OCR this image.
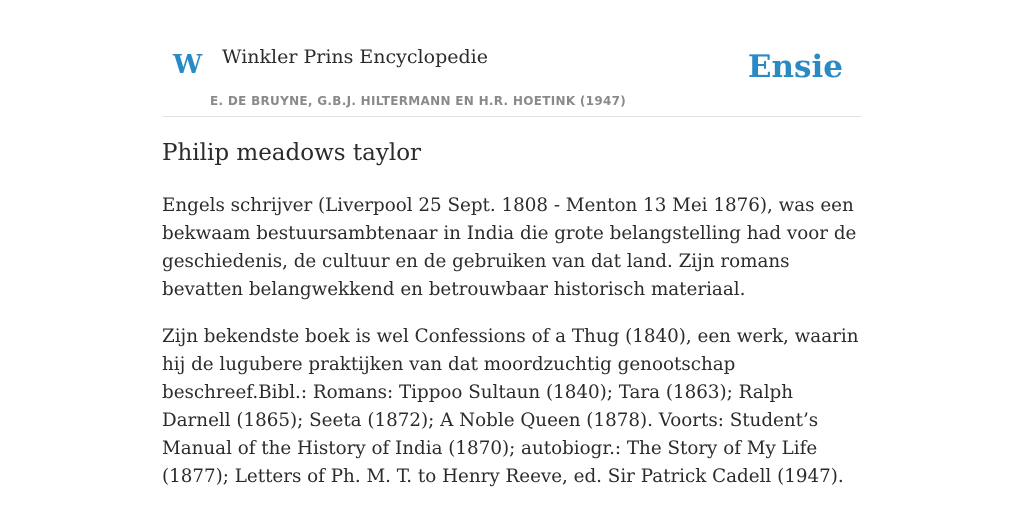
W Winkler Prins Encyclopedie
E. DE BRUYNE, G.B.J. HILTERMANN EN H.R. HOETINK (1947)
Ensie
Philip meadows taylor

Engels schrijver (Liverpool 25 Sept. 1808 - Menton 13 Mei 1876), was een bekwaam bestuursambtenaar in India die grote belangstelling had voor de geschiedenis, de cultuur en de gebruiken van dat land. Zijn romans bevatten belangwekkend en betrouwbaar historisch materiaal.

Zijn bekendste boek is wel Confessions of a Thug (1840), een werk, waarin hij de lugubere praktijken van dat moordzuchtig genootschap beschreef.Bibl.: Romans: Tippoo Sultaun (1840); Tara (1863); Ralph Darnell (1865); Seeta (1872); A Noble Queen (1878). Voorts: Student’s Manual of the History of India (1870); autobiogr.: The Story of My Life (1877); Letters of Ph. M. T. to Henry Reeve, ed. Sir Patrick Cadell (1947).
